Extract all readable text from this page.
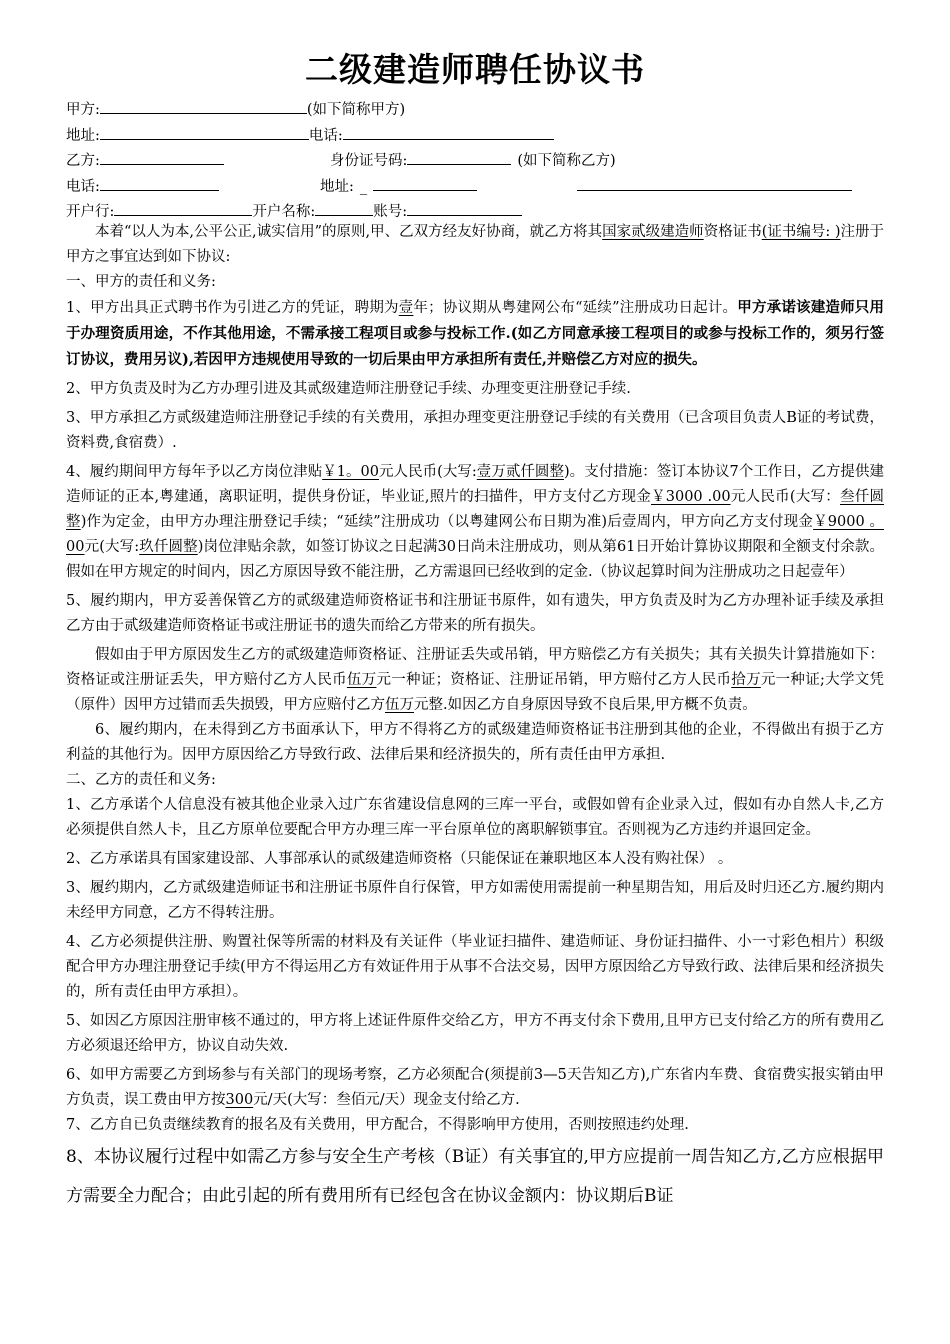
二级建造师聘任协议书
甲方:	(如下简称甲方)
地址:	电话:
乙方:	身份证号码:	(如下简称乙方)
电话:	地址: _
开户行:	开户名称:	账号:

本着“以人为本,公平公正,诚实信用”的原则,甲、乙双方经友好协商，就乙方将其国家贰级建造师资格证书(证书编号: )注册于甲方之事宜达到如下协议:

一、甲方的责任和义务:

1、甲方出具正式聘书作为引进乙方的凭证，聘期为壹年；协议期从粤建网公布“延续”注册成功日起计。甲方承诺该建造师只用于办理资质用途，不作其他用途，不需承接工程项目或参与投标工作.(如乙方同意承接工程项目的或参与投标工作的，须另行签订协议，费用另议),若因甲方违规使用导致的一切后果由甲方承担所有责任,并赔偿乙方对应的损失。

2、甲方负责及时为乙方办理引进及其贰级建造师注册登记手续、办理变更注册登记手续.

3、甲方承担乙方贰级建造师注册登记手续的有关费用，承担办理变更注册登记手续的有关费用（已含项目负责人B证的考试费，资料费,食宿费）.

4、履约期间甲方每年予以乙方岗位津贴￥1。00元人民币(大写:壹万贰仟圆整)。支付措施：签订本协议7个工作日，乙方提供建造师证的正本,粤建通，离职证明，提供身份证，毕业证,照片的扫描件，甲方支付乙方现金￥3000 .00元人民币(大写：叁仟圆整)作为定金，由甲方办理注册登记手续；“延续”注册成功（以粤建网公布日期为准)后壹周内，甲方向乙方支付现金￥9000 。00元(大写:玖仟圆整)岗位津贴余款，如签订协议之日起满30日尚未注册成功，则从第61日开始计算协议期限和全额支付余款。假如在甲方规定的时间内，因乙方原因导致不能注册，乙方需退回已经收到的定金.（协议起算时间为注册成功之日起壹年）

5、履约期内，甲方妥善保管乙方的贰级建造师资格证书和注册证书原件，如有遗失，甲方负责及时为乙方办理补证手续及承担乙方由于贰级建造师资格证书或注册证书的遗失而给乙方带来的所有损失。

假如由于甲方原因发生乙方的贰级建造师资格证、注册证丢失或吊销，甲方赔偿乙方有关损失；其有关损失计算措施如下：资格证或注册证丢失，甲方赔付乙方人民币伍万元一种证；资格证、注册证吊销，甲方赔付乙方人民币拾万元一种证;大学文凭（原件）因甲方过错而丢失损毁，甲方应赔付乙方伍万元整.如因乙方自身原因导致不良后果,甲方概不负责。

6、履约期内，在未得到乙方书面承认下，甲方不得将乙方的贰级建造师资格证书注册到其他的企业，不得做出有损于乙方利益的其他行为。因甲方原因给乙方导致行政、法律后果和经济损失的，所有责任由甲方承担.

二、乙方的责任和义务:

1、乙方承诺个人信息没有被其他企业录入过广东省建设信息网的三库一平台，或假如曾有企业录入过，假如有办自然人卡,乙方必须提供自然人卡，且乙方原单位要配合甲方办理三库一平台原单位的离职解锁事宜。否则视为乙方违约并退回定金。

2、乙方承诺具有国家建设部、人事部承认的贰级建造师资格（只能保证在兼职地区本人没有购社保） 。

3、履约期内，乙方贰级建造师证书和注册证书原件自行保管，甲方如需使用需提前一种星期告知，用后及时归还乙方.履约期内未经甲方同意，乙方不得转注册。

4、乙方必须提供注册、购置社保等所需的材料及有关证件（毕业证扫描件、建造师证、身份证扫描件、小一寸彩色相片）积级配合甲方办理注册登记手续(甲方不得运用乙方有效证件用于从事不合法交易，因甲方原因给乙方导致行政、法律后果和经济损失的，所有责任由甲方承担）。

5、如因乙方原因注册审核不通过的，甲方将上述证件原件交给乙方，甲方不再支付余下费用,且甲方已支付给乙方的所有费用乙方必须退还给甲方，协议自动失效.

6、如甲方需要乙方到场参与有关部门的现场考察，乙方必须配合(须提前3—5天告知乙方),广东省内车费、食宿费实报实销由甲方负责，误工费由甲方按300元/天(大写：叁佰元/天）现金支付给乙方.

7、乙方自已负责继续教育的报名及有关费用，甲方配合，不得影响甲方使用，否则按照违约处理.

8、本协议履行过程中如需乙方参与安全生产考核（B证）有关事宜的,甲方应提前一周告知乙方,乙方应根据甲方需要全力配合；由此引起的所有费用所有已经包含在协议金额内：协议期后B证
